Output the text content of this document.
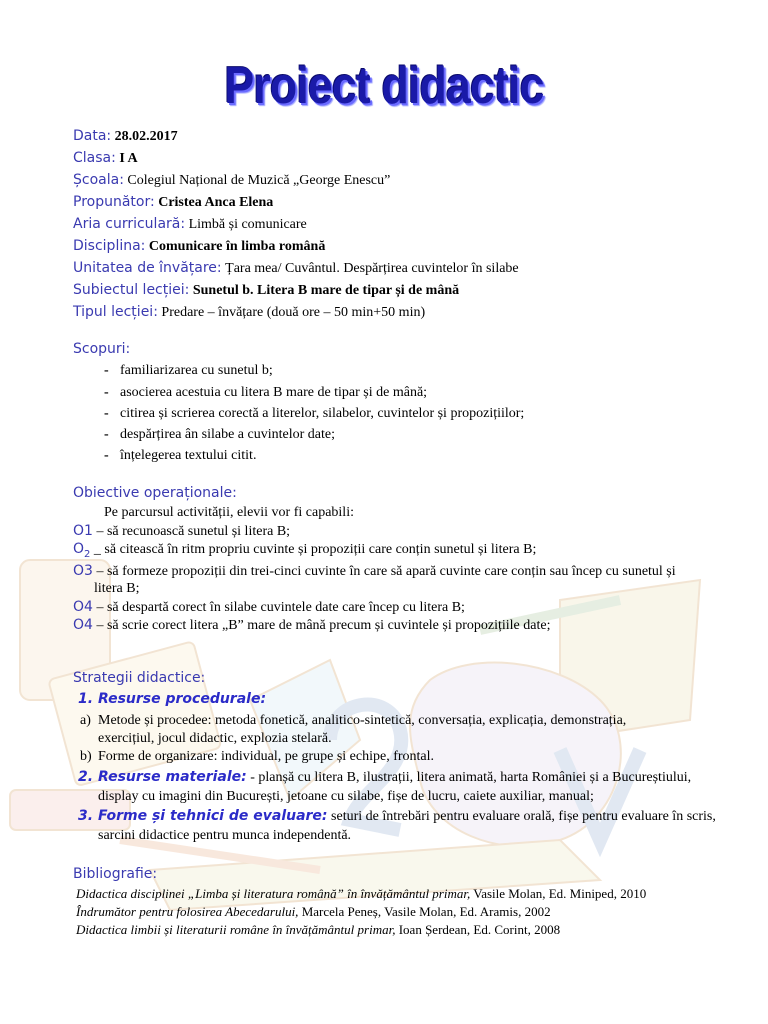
Proiect didactic
Data: 28.02.2017
Clasa: I A
Școala: Colegiul Național de Muzică „George Enescu”
Propunător: Cristea Anca Elena
Aria curriculară: Limbă și comunicare
Disciplina: Comunicare în limba română
Unitatea de învățare: Țara mea/ Cuvântul. Despărțirea cuvintelor în silabe
Subiectul lecției: Sunetul b. Litera B mare de tipar și de mână
Tipul lecției: Predare – învățare (două ore – 50 min+50 min)
Scopuri:
- familiarizarea cu sunetul b;
- asocierea acestuia cu litera B mare de tipar și de mână;
- citirea și scrierea corectă a literelor, silabelor, cuvintelor și propozițiilor;
- despărțirea ân silabe a cuvintelor date;
- înțelegerea textului citit.
Obiective operaționale:
Pe parcursul activității, elevii vor fi capabili:
O1 – să recunoască sunetul și litera B;
$O_2$ _ să citească în ritm propriu cuvinte și propoziții care conțin sunetul și litera B;
O3 – să formeze propoziții din trei-cinci cuvinte în care să apară cuvinte care conțin sau încep cu sunetul și
litera B;
O4 – să despartă corect în silabe cuvintele date care încep cu litera B;
O4 – să scrie corect litera „B” mare de mână precum și cuvintele și propozițiile date;
Strategii didactice:
1. Resurse procedurale:
a) Metode și procedee: metoda fonetică, analitico-sintetică, conversația, explicația, demonstrația,
exercițiul, jocul didactic, explozia stelară.
b) Forme de organizare: individual, pe grupe și echipe, frontal.
2. Resurse materiale: - planșă cu litera B, ilustrații, litera animată, harta României și a Bucureștiului,
display cu imagini din București, jetoane cu silabe, fișe de lucru, caiete auxiliar, manual;
3. Forme și tehnici de evaluare: seturi de întrebări pentru evaluare orală, fișe pentru evaluare în scris,
sarcini didactice pentru munca independentă.
Bibliografie:
Didactica disciplinei „Limba și literatura română” în învățământul primar, Vasile Molan, Ed. Miniped, 2010
Îndrumător pentru folosirea Abecedarului, Marcela Peneș, Vasile Molan, Ed. Aramis, 2002
Didactica limbii și literaturii române în învățământul primar, Ioan Șerdean, Ed. Corint, 2008
